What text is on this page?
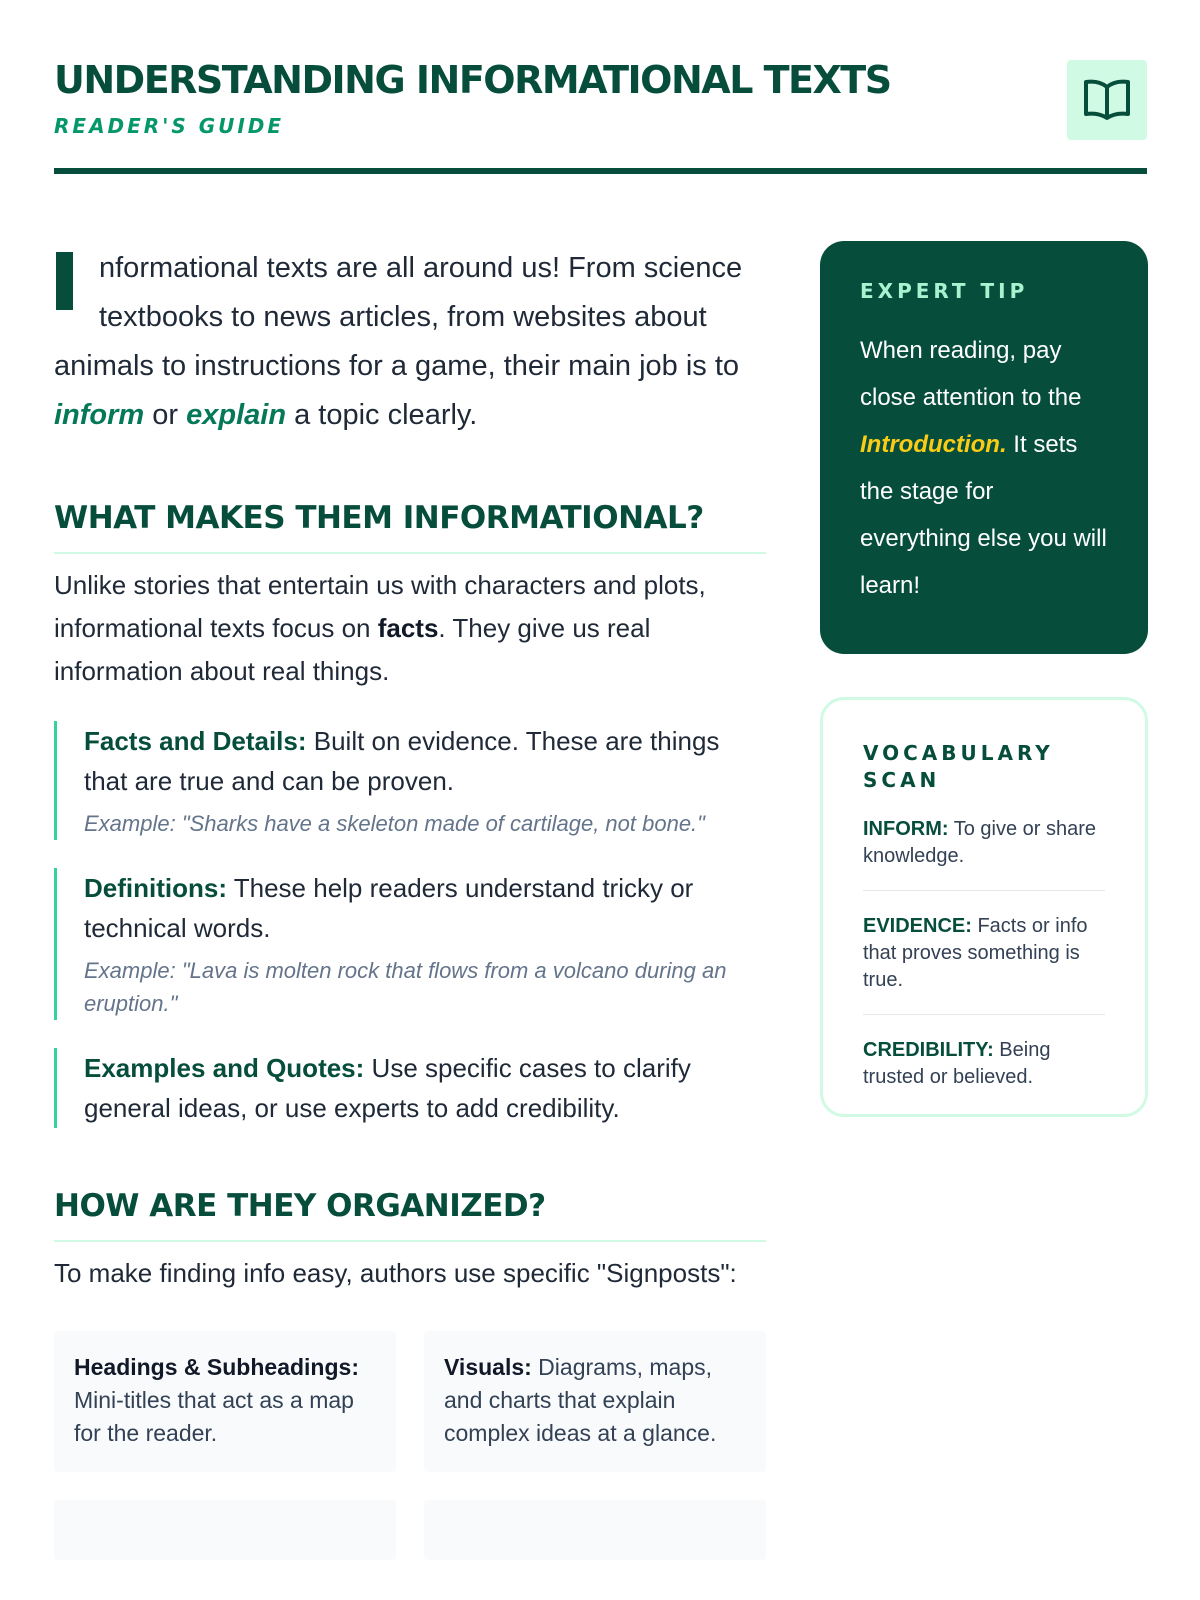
UNDERSTANDING INFORMATIONAL TEXTS
READER'S GUIDE

nformational texts are all around us! From science textbooks to news articles, from websites about animals to instructions for a game, their main job is to inform or explain a topic clearly.

WHAT MAKES THEM INFORMATIONAL?

Unlike stories that entertain us with characters and plots, informational texts focus on facts. They give us real information about real things.

Facts and Details: Built on evidence. These are things that are true and can be proven.
Example: "Sharks have a skeleton made of cartilage, not bone."
Definitions: These help readers understand tricky or technical words.
Example: "Lava is molten rock that flows from a volcano during an eruption."
Examples and Quotes: Use specific cases to clarify general ideas, or use experts to add credibility.
HOW ARE THEY ORGANIZED?

To make finding info easy, authors use specific "Signposts":

Headings & Subheadings: Mini-titles that act as a map for the reader.
Visuals: Diagrams, maps, and charts that explain complex ideas at a glance.
EXPERT TIP

When reading, pay close attention to the Introduction. It sets the stage for everything else you will learn!

VOCABULARY SCAN
INFORM: To give or share knowledge.
EVIDENCE: Facts or info that proves something is true.
CREDIBILITY: Being trusted or believed.
